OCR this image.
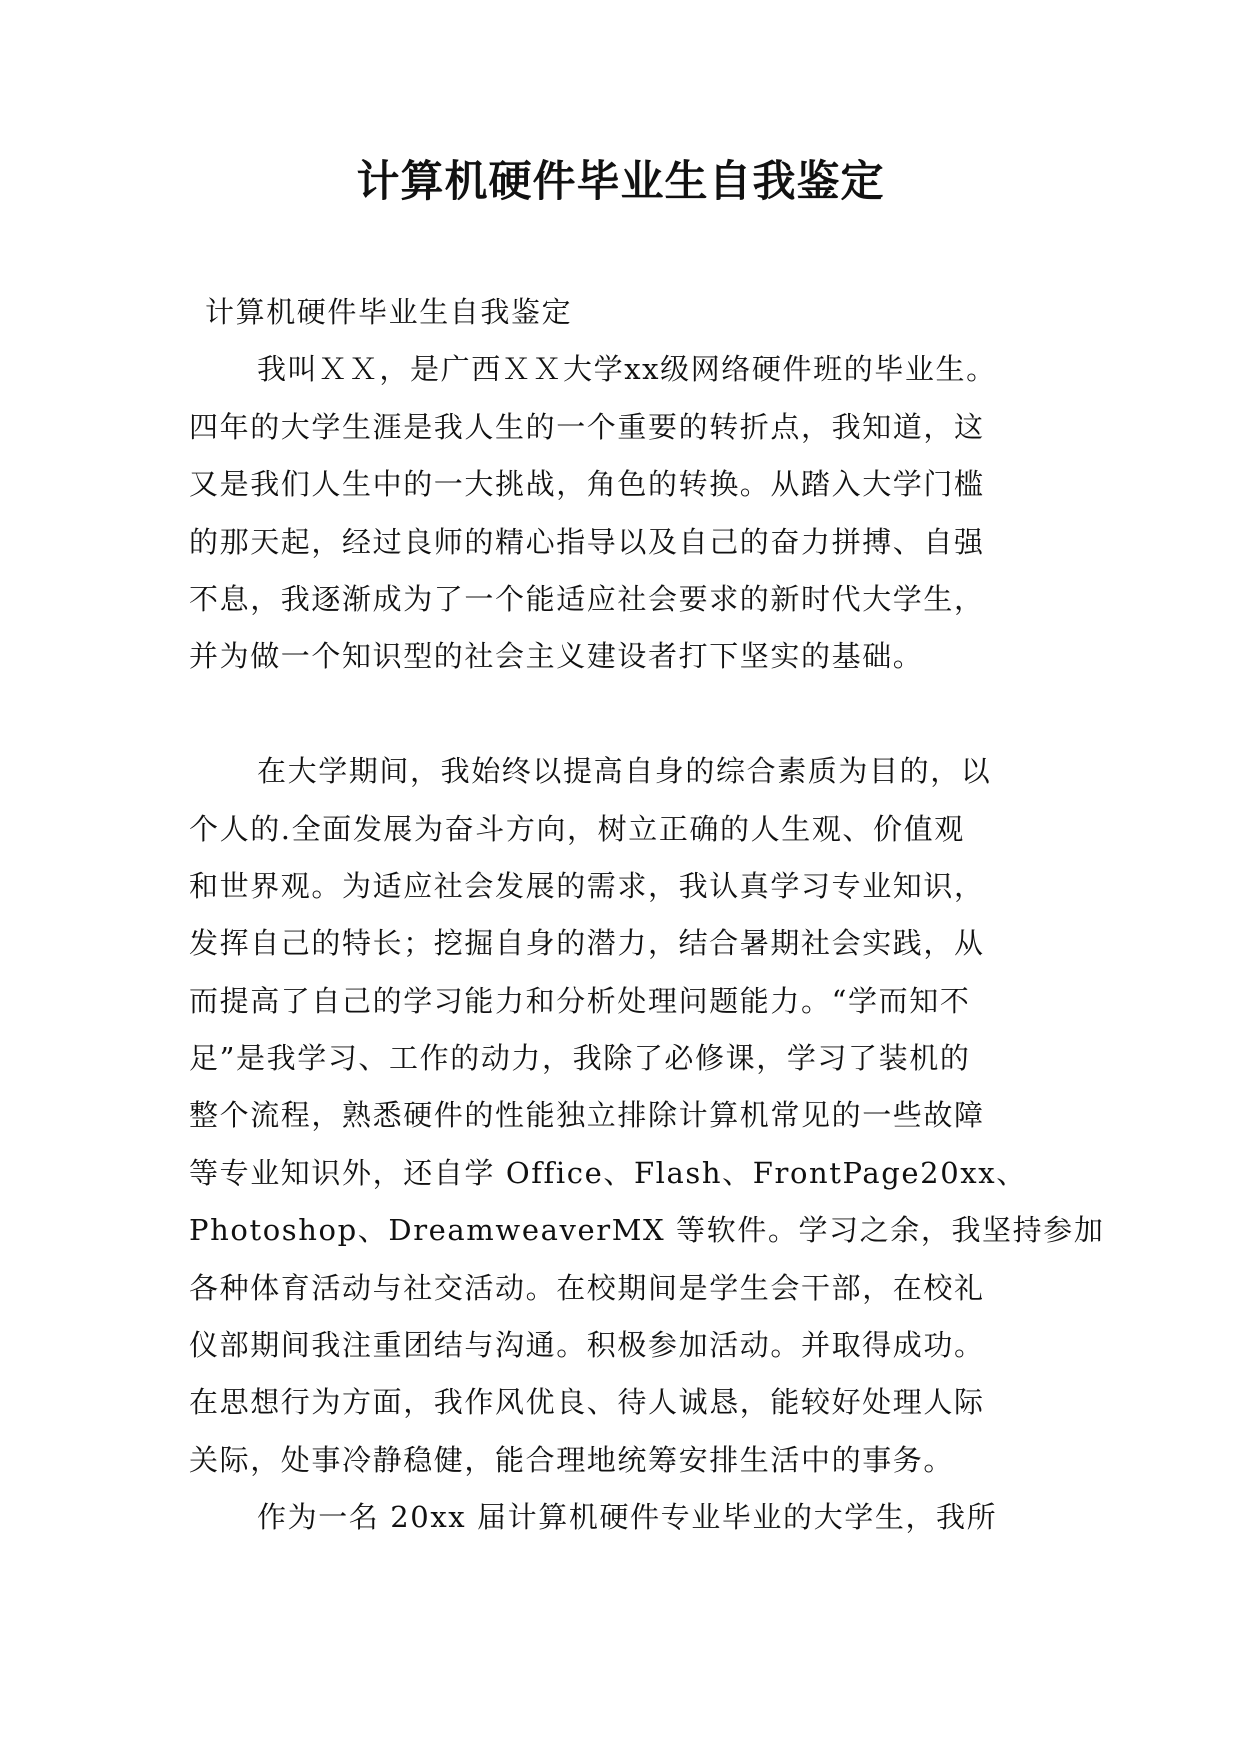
计算机硬件毕业生自我鉴定
计算机硬件毕业生自我鉴定
我叫ＸＸ，是广西ＸＸ大学xx级网络硬件班的毕业生。
四年的大学生涯是我人生的一个重要的转折点，我知道，这
又是我们人生中的一大挑战，角色的转换。从踏入大学门槛
的那天起，经过良师的精心指导以及自己的奋力拼搏、自强
不息，我逐渐成为了一个能适应社会要求的新时代大学生，
并为做一个知识型的社会主义建设者打下坚实的基础。
在大学期间，我始终以提高自身的综合素质为目的，以
个人的.全面发展为奋斗方向，树立正确的人生观、价值观
和世界观。为适应社会发展的需求，我认真学习专业知识，
发挥自己的特长；挖掘自身的潜力，结合暑期社会实践，从
而提高了自己的学习能力和分析处理问题能力。“学而知不
足”是我学习、工作的动力，我除了必修课，学习了装机的
整个流程，熟悉硬件的性能独立排除计算机常见的一些故障
等专业知识外，还自学 Office、Flash、FrontPage20xx、
Photoshop、DreamweaverMX 等软件。学习之余，我坚持参加
各种体育活动与社交活动。在校期间是学生会干部，在校礼
仪部期间我注重团结与沟通。积极参加活动。并取得成功。
在思想行为方面，我作风优良、待人诚恳，能较好处理人际
关际，处事冷静稳健，能合理地统筹安排生活中的事务。
作为一名 20xx 届计算机硬件专业毕业的大学生，我所
